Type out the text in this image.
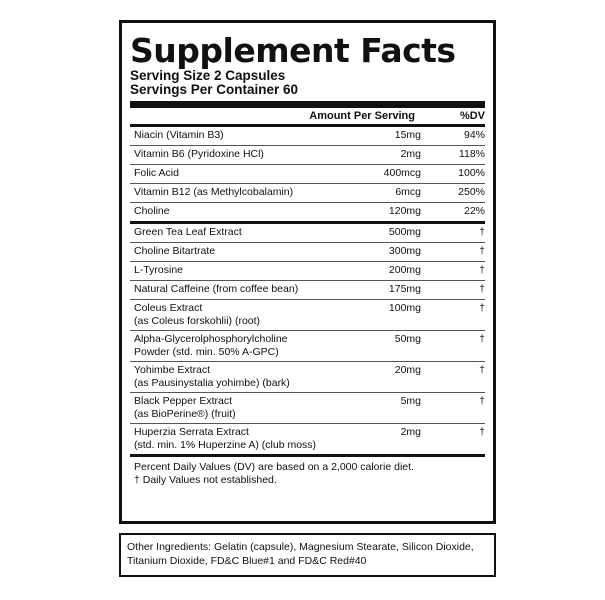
Supplement Facts
Serving Size 2 Capsules
Servings Per Container 60
Amount Per Serving	%DV
Niacin (Vitamin B3)	15mg	94%
Vitamin B6 (Pyridoxine HCl)	2mg	118%
Folic Acid	400mcg	100%
Vitamin B12 (as Methylcobalamin)	6mcg	250%
Choline	120mg	22%
Green Tea Leaf Extract	500mg	†
Choline Bitartrate	300mg	†
L-Tyrosine	200mg	†
Natural Caffeine (from coffee bean)	175mg	†
Coleus Extract
(as Coleus forskohlii) (root)
100mg	†
Alpha-Glycerolphosphorylcholine
Powder (std. min. 50% A-GPC)
50mg	†
Yohimbe Extract
(as Pausinystalia yohimbe) (bark)
20mg	†
Black Pepper Extract
(as BioPerine®) (fruit)
5mg	†
Huperzia Serrata Extract
(std. min. 1% Huperzine A) (club moss)
2mg	†
Percent Daily Values (DV) are based on a 2,000 calorie diet.
† Daily Values not established.
Other Ingredients: Gelatin (capsule), Magnesium Stearate, Silicon Dioxide, Titanium Dioxide, FD&C Blue#1 and FD&C Red#40
